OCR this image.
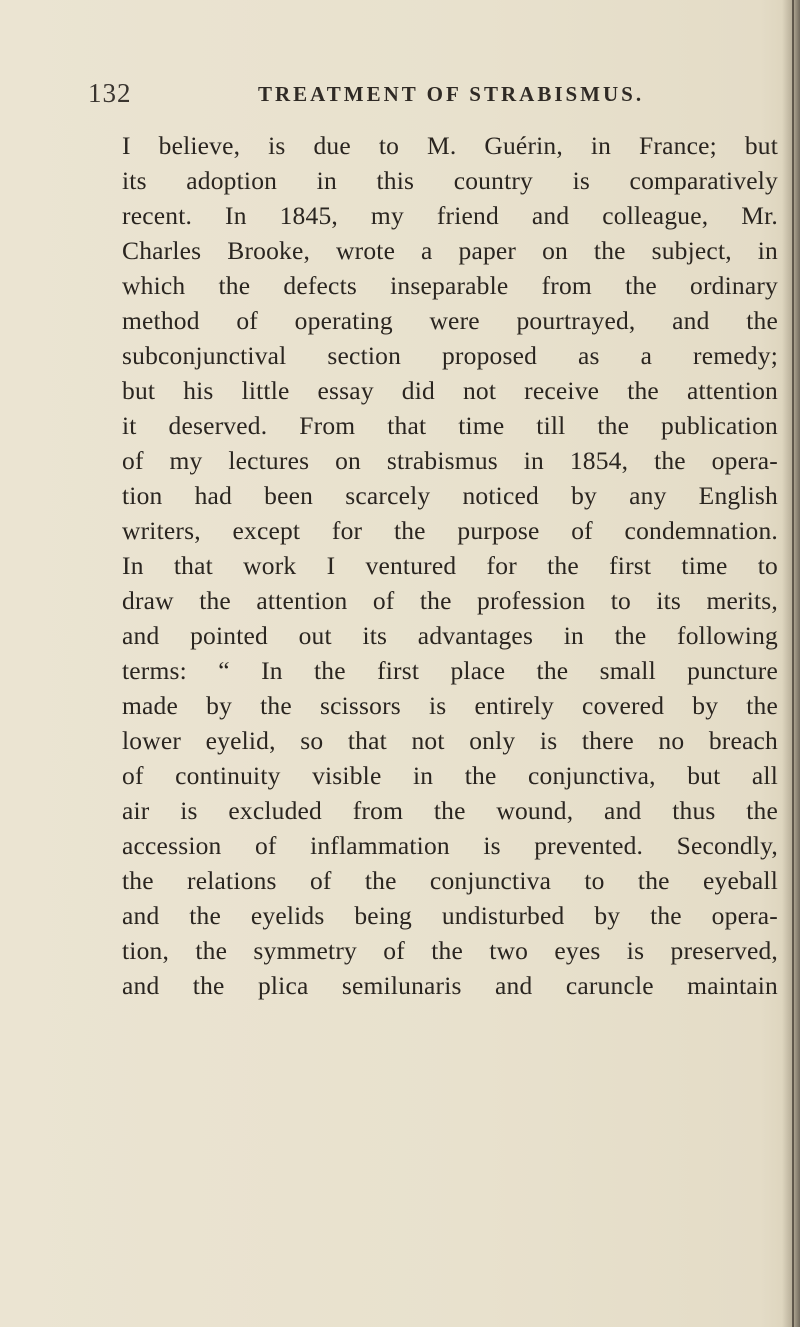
132	TREATMENT OF STRABISMUS.
I believe, is due to M. Guérin, in France; but
its adoption in this country is comparatively
recent. In 1845, my friend and colleague, Mr.
Charles Brooke, wrote a paper on the subject, in
which the defects inseparable from the ordinary
method of operating were pourtrayed, and the
subconjunctival section proposed as a remedy;
but his little essay did not receive the attention
it deserved. From that time till the publication
of my lectures on strabismus in 1854, the opera-
tion had been scarcely noticed by any English
writers, except for the purpose of condemnation.
In that work I ventured for the first time to
draw the attention of the profession to its merits,
and pointed out its advantages in the following
terms: “ In the first place the small puncture
made by the scissors is entirely covered by the
lower eyelid, so that not only is there no breach
of continuity visible in the conjunctiva, but all
air is excluded from the wound, and thus the
accession of inflammation is prevented. Secondly,
the relations of the conjunctiva to the eyeball
and the eyelids being undisturbed by the opera-
tion, the symmetry of the two eyes is preserved,
and the plica semilunaris and caruncle maintain
